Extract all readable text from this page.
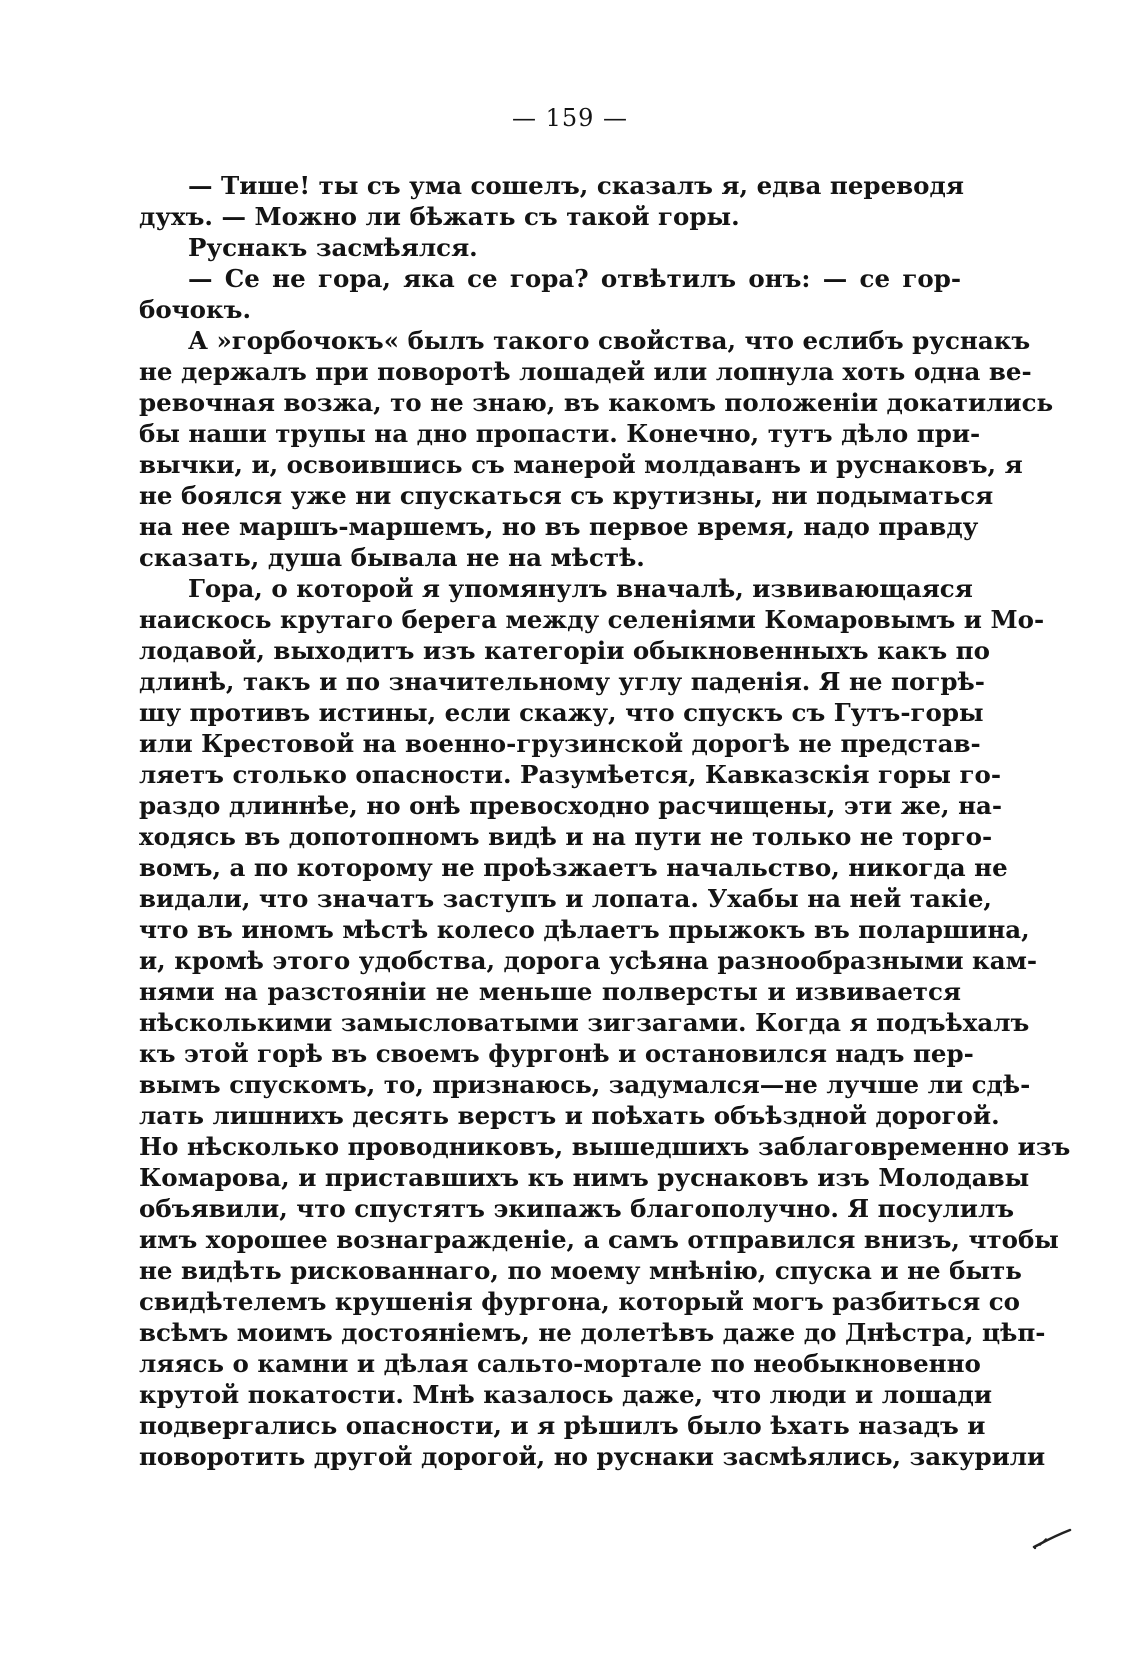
— 159 —
— Тише! ты съ ума сошелъ, сказалъ я, едва переводя
духъ. — Можно ли бѣжать съ такой горы.
Руснакъ засмѣялся.
— Се не гора, яка се гора? отвѣтилъ онъ: — се гор-
бочокъ.
А »горбочокъ« былъ такого свойства, что еслибъ руснакъ
не держалъ при поворотѣ лошадей или лопнула хоть одна ве-
ревочная возжа, то не знаю, въ какомъ положеніи докатились
бы наши трупы на дно пропасти. Конечно, тутъ дѣло при-
вычки, и, освоившись съ манерой молдаванъ и руснаковъ, я
не боялся уже ни спускаться съ крутизны, ни подыматься
на нее маршъ-маршемъ, но въ первое время, надо правду
сказать, душа бывала не на мѣстѣ.
Гора, о которой я упомянулъ вначалѣ, извивающаяся
наискось крутаго берега между селеніями Комаровымъ и Мо-
лодавой, выходитъ изъ категоріи обыкновенныхъ какъ по
длинѣ, такъ и по значительному углу паденія. Я не погрѣ-
шу противъ истины, если скажу, что спускъ съ Гутъ-горы
или Крестовой на военно-грузинской дорогѣ не представ-
ляетъ столько опасности. Разумѣется, Кавказскія горы го-
раздо длиннѣе, но онѣ превосходно расчищены, эти же, на-
ходясь въ допотопномъ видѣ и на пути не только не торго-
вомъ, а по которому не проѣзжаетъ начальство, никогда не
видали, что значатъ заступъ и лопата. Ухабы на ней такіе,
что въ иномъ мѣстѣ колесо дѣлаетъ прыжокъ въ поларшина,
и, кромѣ этого удобства, дорога усѣяна разнообразными кам-
нями на разстояніи не меньше полверсты и извивается
нѣсколькими замысловатыми зигзагами. Когда я подъѣхалъ
къ этой горѣ въ своемъ фургонѣ и остановился надъ пер-
вымъ спускомъ, то, признаюсь, задумался—не лучше ли сдѣ-
лать лишнихъ десять верстъ и поѣхать объѣздной дорогой.
Но нѣсколько проводниковъ, вышедшихъ заблаговременно изъ
Комарова, и приставшихъ къ нимъ руснаковъ изъ Молодавы
объявили, что спустятъ экипажъ благополучно. Я посулилъ
имъ хорошее вознагражденіе, а самъ отправился внизъ, чтобы
не видѣть рискованнаго, по моему мнѣнію, спуска и не быть
свидѣтелемъ крушенія фургона, который могъ разбиться со
всѣмъ моимъ достояніемъ, не долетѣвъ даже до Днѣстра, цѣп-
ляясь о камни и дѣлая сальто-мортале по необыкновенно
крутой покатости. Мнѣ казалось даже, что люди и лошади
подвергались опасности, и я рѣшилъ было ѣхать назадъ и
поворотить другой дорогой, но руснаки засмѣялись, закурили
